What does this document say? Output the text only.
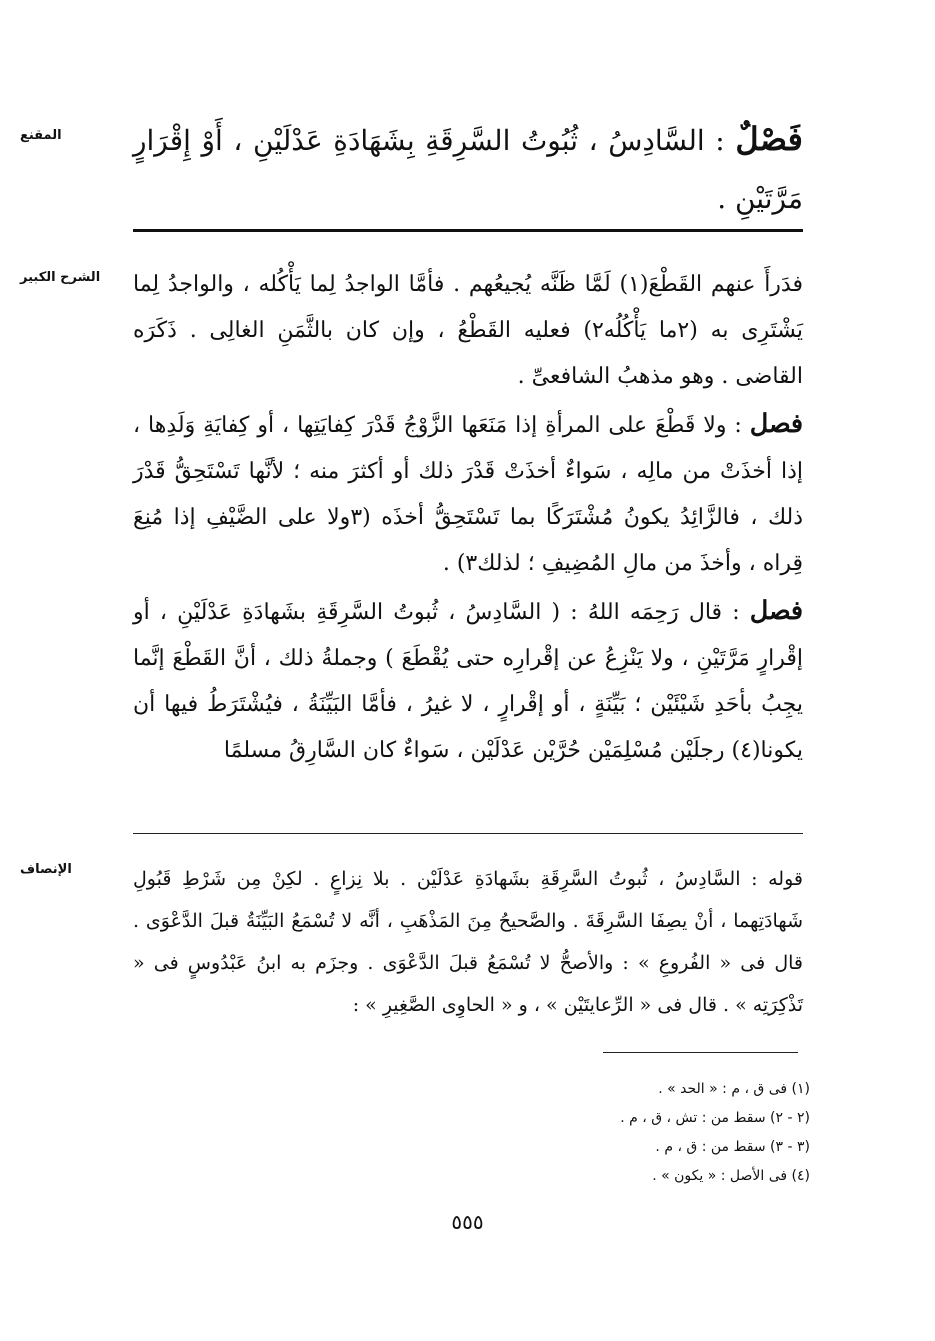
المقنع	فَصْلٌ : السَّادِسُ ، ثُبُوتُ السَّرِقَةِ بِشَهَادَةِ عَدْلَيْنِ ، أَوْ إِقْرَارٍ مَرَّتَيْنِ .

الشرح الكبير	فدَرأَ عنهم القَطْعَ(١) لَمَّا ظَنَّه يُجيعُهم . فأمَّا الواجدُ لِما يَأْكُله ، والواجدُ لِما يَشْتَرِى به (٢ما يَأْكُلُه٢) فعليه القَطْعُ ، وإن كان بالثَّمَنِ الغالِى . ذَكَرَه القاضى . وهو مذهبُ الشافعىِّ .

فصل : ولا قَطْعَ على المرأةِ إذا مَنَعَها الزَّوْجُ قَدْرَ كِفايَتِها ، أو كِفايَةِ وَلَدِها ، إذا أخذَتْ من مالِه ، سَواءٌ أخذَتْ قَدْرَ ذلك أو أكثرَ منه ؛ لأنَّها تَسْتَحِقُّ قَدْرَ ذلك ، فالزَّائِدُ يكونُ مُشْتَرَكًا بما تَسْتَحِقُّ أخذَه (٣ولا على الضَّيْفِ إذا مُنِعَ قِراه ، وأخذَ من مالِ المُضِيفِ ؛ لذلك٣) .

فصل : قال رَحِمَه اللهُ : ( السَّادِسُ ، ثُبوتُ السَّرِقَةِ بشَهادَةِ عَدْلَيْنِ ، أو إقْرارٍ مَرَّتَيْنِ ، ولا يَنْزِعُ عن إقْرارِه حتى يُقْطَعَ ) وجملةُ ذلك ، أنَّ القَطْعَ إنَّما يجِبُ بأحَدِ شَيْئَيْن ؛ بَيِّنَةٍ ، أو إقْرارٍ ، لا غيرُ ، فأمَّا البَيِّنَةُ ، فيُشْتَرَطُ فيها أن يكونا(٤) رجلَيْن مُسْلِمَيْن حُرَّيْن عَدْلَيْن ، سَواءٌ كان السَّارِقُ مسلمًا

الإنصاف	قوله : السَّادِسُ ، ثُبوتُ السَّرِقَةِ بشَهادَةِ عَدْلَيْن . بلا نِزاعٍ . لكِنْ مِن شَرْطِ قَبُولِ شَهادَتِهما ، أنْ يصِفَا السَّرِقَةَ . والصَّحيحُ مِنَ المَذْهَبِ ، أنَّه لا تُسْمَعُ البَيِّنَةُ قبلَ الدَّعْوَى . قال فى « الفُروعِ » : والأصحُّ لا تُسْمَعُ قبلَ الدَّعْوَى . وجزَم به ابنُ عَبْدُوسٍ فى « تَذْكِرَتِه » . قال فى « الرِّعايتَيْن » ، و « الحاوِى الصَّغِيرِ » :

(١) فى ق ، م : « الحد » .

(٢ - ٢) سقط من : تش ، ق ، م .

(٣ - ٣) سقط من : ق ، م .

(٤) فى الأصل : « يكون » .

٥٥٥
